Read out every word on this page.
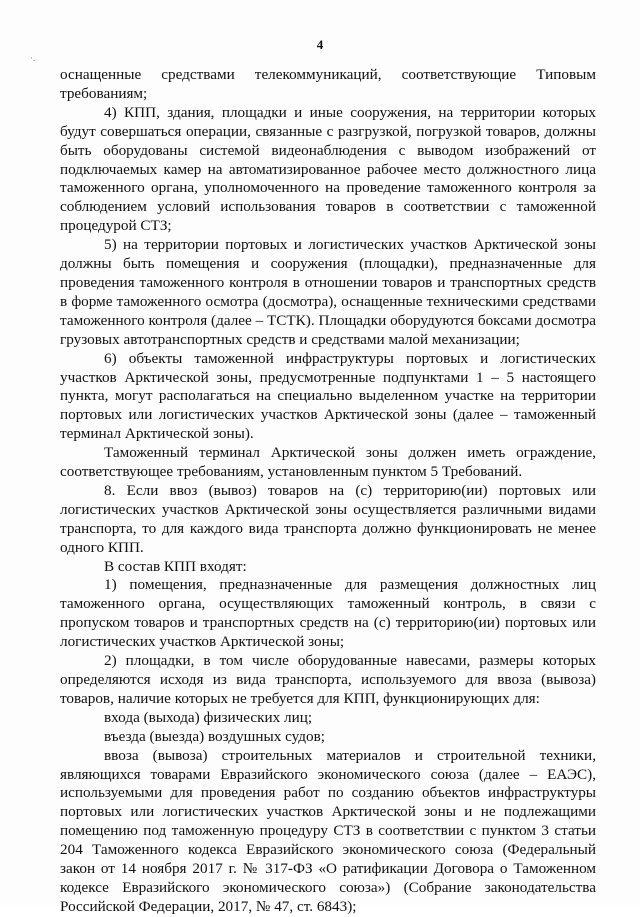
·.
4

оснащенные средствами телекоммуникаций, соответствующие Типовым требованиям;

4) КПП, здания, площадки и иные сооружения, на территории которых будут совершаться операции, связанные с разгрузкой, погрузкой товаров, должны быть оборудованы системой видеонаблюдения с выводом изображений от подключаемых камер на автоматизированное рабочее место должностного лица таможенного органа, уполномоченного на проведение таможенного контроля за соблюдением условий использования товаров в соответствии с таможенной процедурой СТЗ;

5) на территории портовых и логистических участков Арктической зоны должны быть помещения и сооружения (площадки), предназначенные для проведения таможенного контроля в отношении товаров и транспортных средств в форме таможенного осмотра (досмотра), оснащенные техническими средствами таможенного контроля (далее – ТСТК). Площадки оборудуются боксами досмотра грузовых автотранспортных средств и средствами малой механизации;

6) объекты таможенной инфраструктуры портовых и логистических участков Арктической зоны, предусмотренные подпунктами 1 – 5 настоящего пункта, могут располагаться на специально выделенном участке на территории портовых или логистических участков Арктической зоны (далее – таможенный терминал Арктической зоны).

Таможенный терминал Арктической зоны должен иметь ограждение, соответствующее требованиям, установленным пунктом 5 Требований.

8. Если ввоз (вывоз) товаров на (с) территорию(ии) портовых или логистических участков Арктической зоны осуществляется различными видами транспорта, то для каждого вида транспорта должно функционировать не менее одного КПП.

В состав КПП входят:

1) помещения, предназначенные для размещения должностных лиц таможенного органа, осуществляющих таможенный контроль, в связи с пропуском товаров и транспортных средств на (с) территорию(ии) портовых или логистических участков Арктической зоны;

2) площадки, в том числе оборудованные навесами, размеры которых определяются исходя из вида транспорта, используемого для ввоза (вывоза) товаров, наличие которых не требуется для КПП, функционирующих для:

входа (выхода) физических лиц;

въезда (выезда) воздушных судов;

ввоза (вывоза) строительных материалов и строительной техники, являющихся товарами Евразийского экономического союза (далее – ЕАЭС), используемыми для проведения работ по созданию объектов инфраструктуры портовых или логистических участков Арктической зоны и не подлежащими помещению под таможенную процедуру СТЗ в соответствии с пунктом 3 статьи 204 Таможенного кодекса Евразийского экономического союза (Федеральный закон от 14 ноября 2017 г. № 317-ФЗ «О ратификации Договора о Таможенном кодексе Евразийского экономического союза») (Собрание законодательства Российской Федерации, 2017, № 47, ст. 6843);
